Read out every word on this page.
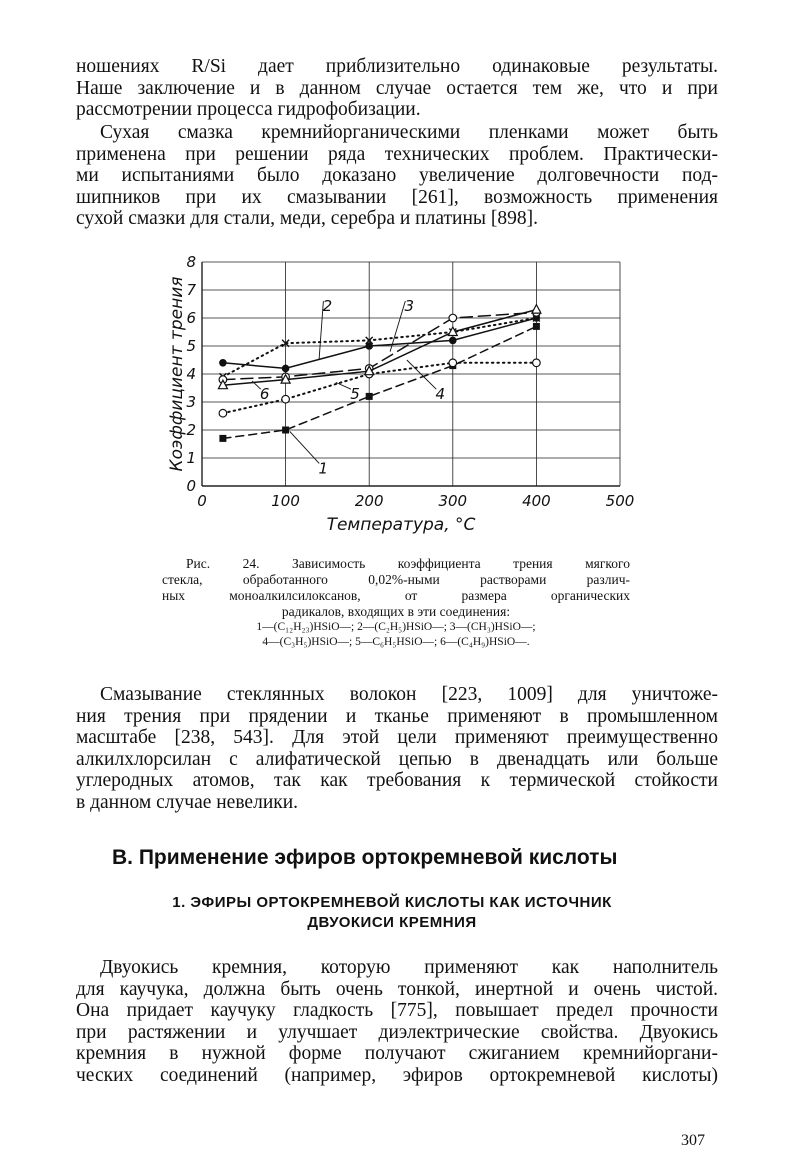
ношениях R/Si дает приблизительно одинаковые результаты.
Наше заключение и в данном случае остается тем же, что и при
рассмотрении процесса гидрофобизации.
Сухая смазка кремнийорганическими пленками может быть
применена при решении ряда технических проблем. Практически-
ми испытаниями было доказано увеличение долговечности под-
шипников при их смазывании [261], возможность применения
сухой смазки для стали, меди, серебра и платины [898].
0	100	200	300	400	500
0
1
2
3
4
5
6
7
8
Температура, °С
Коэффициент трения	1
2	3
4
5
6
Рис. 24. Зависимость коэффициента трения мягкого
стекла, обработанного 0,02%-ными растворами различ-
ных моноалкилсилоксанов, от размера органических
радикалов, входящих в эти соединения:
1—(C₁₂H₂₃)HSiO—; 2—(C₂H₅)HSiO—; 3—(CH₃)HSiO—;
4—(C₃H₅)HSiO—; 5—C₆H₅HSiO—; 6—(C₄H₉)HSiO—.
Смазывание стеклянных волокон [223, 1009] для уничтоже-
ния трения при прядении и тканье применяют в промышленном
масштабе [238, 543]. Для этой цели применяют преимущественно
алкилхлорсилан с алифатической цепью в двенадцать или больше
углеродных атомов, так как требования к термической стойкости
в данном случае невелики.
В. Применение эфиров ортокремневой кислоты
1. ЭФИРЫ ОРТОКРЕМНЕВОЙ КИСЛОТЫ КАК ИСТОЧНИК
ДВУОКИСИ КРЕМНИЯ
Двуокись кремния, которую применяют как наполнитель
для каучука, должна быть очень тонкой, инертной и очень чистой.
Она придает каучуку гладкость [775], повышает предел прочности
при растяжении и улучшает диэлектрические свойства. Двуокись
кремния в нужной форме получают сжиганием кремнийоргани-
ческих соединений (например, эфиров ортокремневой кислоты)
307
